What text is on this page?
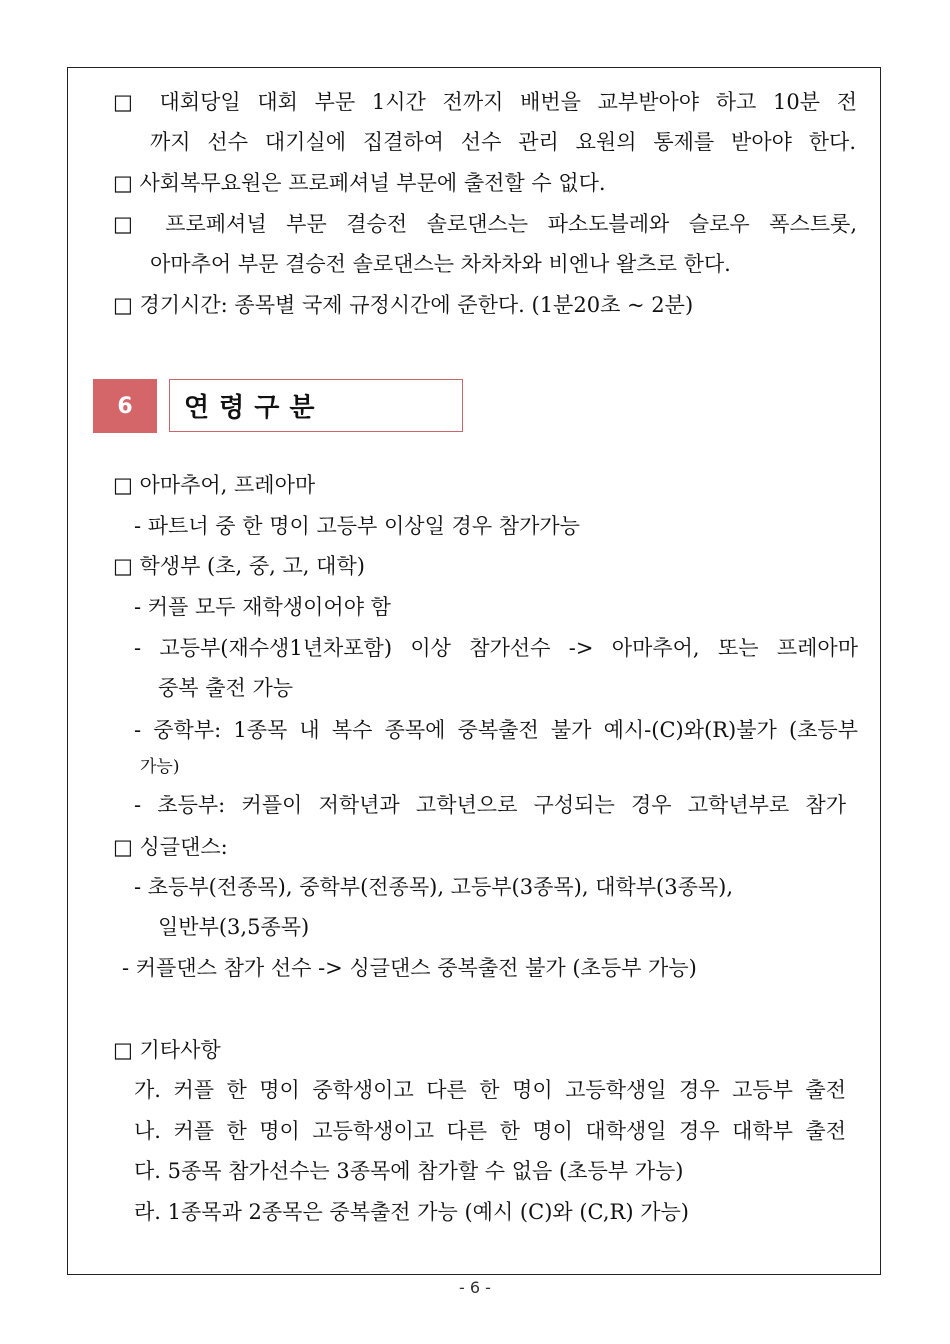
□ 대회당일 대회 부문 1시간 전까지 배번을 교부받아야 하고 10분 전
까지 선수 대기실에 집결하여 선수 관리 요원의 통제를 받아야 한다.
□ 사회복무요원은 프로페셔널 부문에 출전할 수 없다.
□ 프로페셔널 부문 결승전 솔로댄스는 파소도블레와 슬로우 폭스트롯,
아마추어 부문 결승전 솔로댄스는 차차차와 비엔나 왈츠로 한다.
□ 경기시간: 종목별 국제 규정시간에 준한다. (1분20초 ~ 2분)
6	연령구분
□ 아마추어, 프레아마
- 파트너 중 한 명이 고등부 이상일 경우 참가가능
□ 학생부 (초, 중, 고, 대학)
- 커플 모두 재학생이어야 함
- 고등부(재수생1년차포함) 이상 참가선수 -> 아마추어, 또는 프레아마
중복 출전 가능
- 중학부: 1종목 내 복수 종목에 중복출전 불가 예시-(C)와(R)불가 (초등부
가능)
- 초등부: 커플이 저학년과 고학년으로 구성되는 경우 고학년부로 참가
□ 싱글댄스:
- 초등부(전종목), 중학부(전종목), 고등부(3종목), 대학부(3종목),
일반부(3,5종목)
- 커플댄스 참가 선수 -> 싱글댄스 중복출전 불가 (초등부 가능)
□ 기타사항
가. 커플 한 명이 중학생이고 다른 한 명이 고등학생일 경우 고등부 출전
나. 커플 한 명이 고등학생이고 다른 한 명이 대학생일 경우 대학부 출전
다. 5종목 참가선수는 3종목에 참가할 수 없음 (초등부 가능)
라. 1종목과 2종목은 중복출전 가능 (예시 (C)와 (C,R) 가능)
- 6 -
